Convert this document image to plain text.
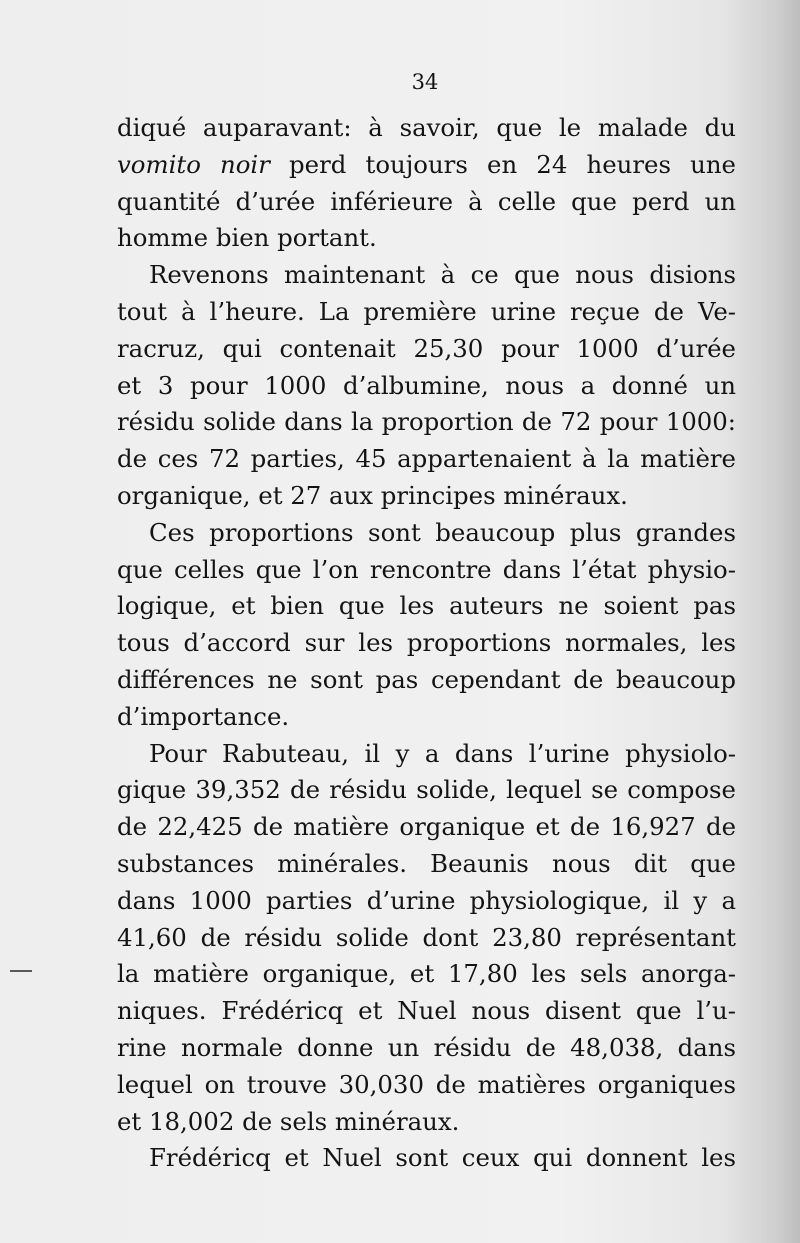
34
diqué auparavant: à savoir, que le malade du
vomito noir perd toujours en 24 heures une
quantité d’urée inférieure à celle que perd un
homme bien portant.
Revenons maintenant à ce que nous disions
tout à l’heure. La première urine reçue de Ve-
racruz, qui contenait 25,30 pour 1000 d’urée
et 3 pour 1000 d’albumine, nous a donné un
résidu solide dans la proportion de 72 pour 1000:
de ces 72 parties, 45 appartenaient à la matière
organique, et 27 aux principes minéraux.
Ces proportions sont beaucoup plus grandes
que celles que l’on rencontre dans l’état physio-
logique, et bien que les auteurs ne soient pas
tous d’accord sur les proportions normales, les
différences ne sont pas cependant de beaucoup
d’importance.
Pour Rabuteau, il y a dans l’urine physiolo-
gique 39,352 de résidu solide, lequel se compose
de 22,425 de matière organique et de 16,927 de
substances minérales. Beaunis nous dit que
dans 1000 parties d’urine physiologique, il y a
41,60 de résidu solide dont 23,80 représentant
la matière organique, et 17,80 les sels anorga-
niques. Frédéricq et Nuel nous disent que l’u-
rine normale donne un résidu de 48,038, dans
lequel on trouve 30,030 de matières organiques
et 18,002 de sels minéraux.
Frédéricq et Nuel sont ceux qui donnent les
